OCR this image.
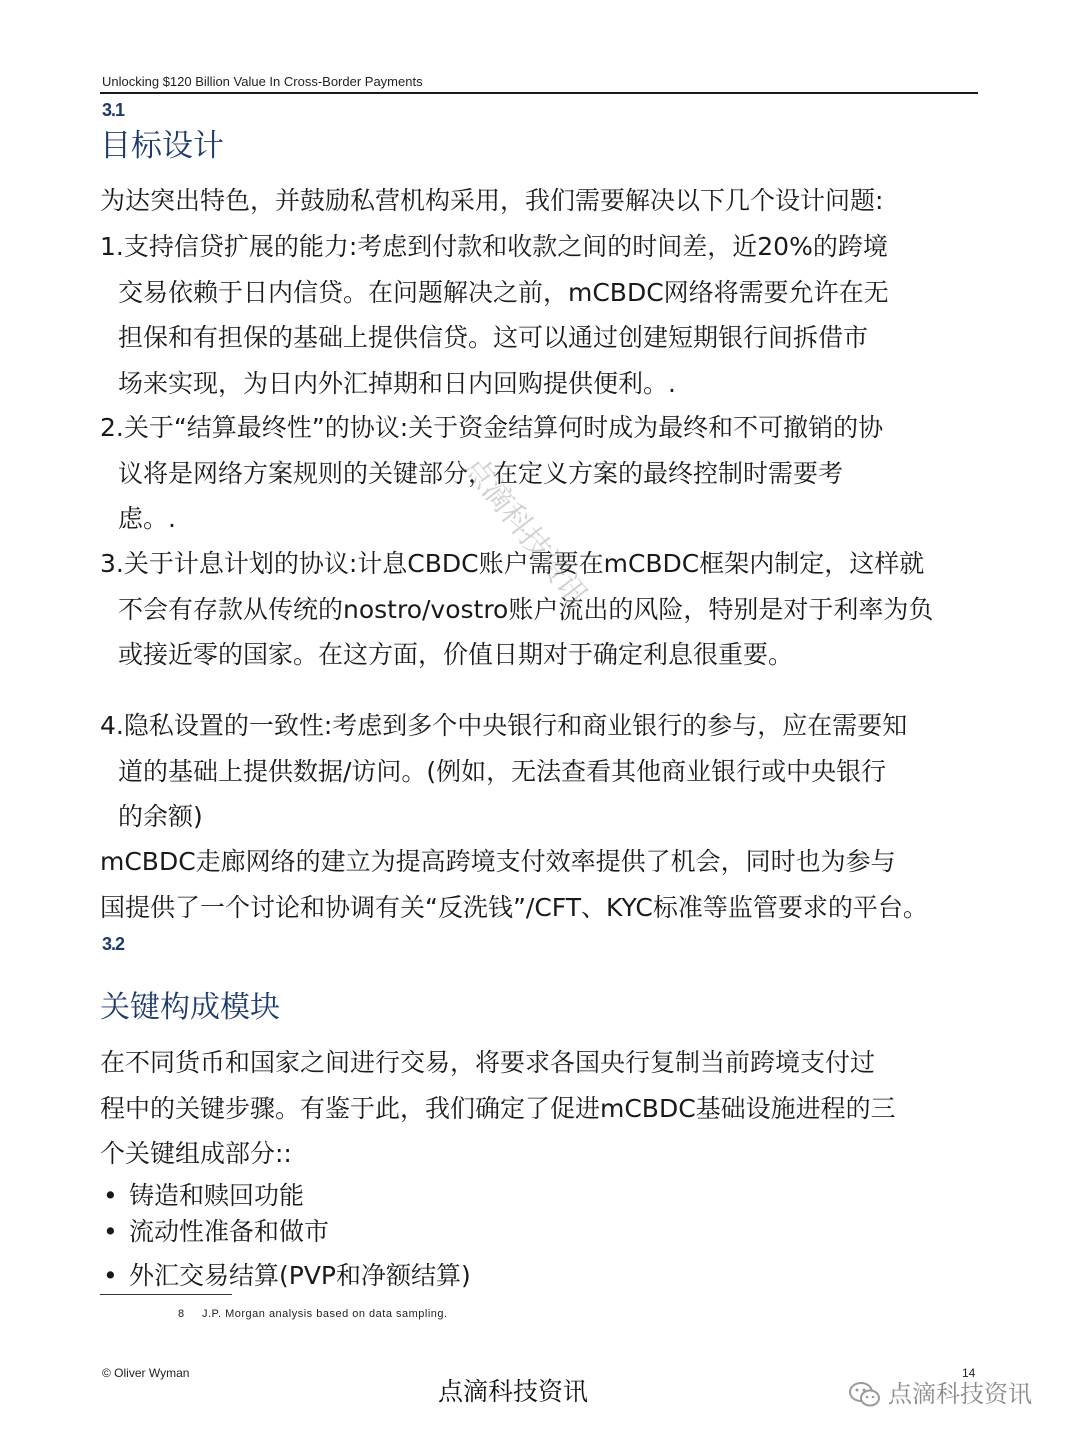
Unlocking $120 Billion Value In Cross-Border Payments
3.1
目标设计

为达突出特色，并鼓励私营机构采用，我们需要解决以下几个设计问题:

1.支持信贷扩展的能力:考虑到付款和收款之间的时间差，近20%的跨境
交易依赖于日内信贷。在问题解决之前，mCBDC网络将需要允许在无
担保和有担保的基础上提供信贷。这可以通过创建短期银行间拆借市
场来实现，为日内外汇掉期和日内回购提供便利。.
2.关于“结算最终性”的协议:关于资金结算何时成为最终和不可撤销的协
议将是网络方案规则的关键部分，在定义方案的最终控制时需要考
虑。.
3.关于计息计划的协议:计息CBDC账户需要在mCBDC框架内制定，这样就
不会有存款从传统的nostro/vostro账户流出的风险，特别是对于利率为负
或接近零的国家。在这方面，价值日期对于确定利息很重要。
4.隐私设置的一致性:考虑到多个中央银行和商业银行的参与，应在需要知
道的基础上提供数据/访问。(例如，无法查看其他商业银行或中央银行
的余额)
mCBDC走廊网络的建立为提高跨境支付效率提供了机会，同时也为参与
国提供了一个讨论和协调有关“反洗钱”/CFT、KYC标准等监管要求的平台。
3.2
关键构成模块
在不同货币和国家之间进行交易，将要求各国央行复制当前跨境支付过
程中的关键步骤。有鉴于此，我们确定了促进mCBDC基础设施进程的三
个关键组成部分::
• 铸造和赎回功能
• 流动性准备和做市
• 外汇交易结算(PVP和净额结算)
8 J.P. Morgan analysis based on data sampling.
© Oliver Wyman	14
点滴科技资讯	点滴科技资讯
点滴科技资讯
